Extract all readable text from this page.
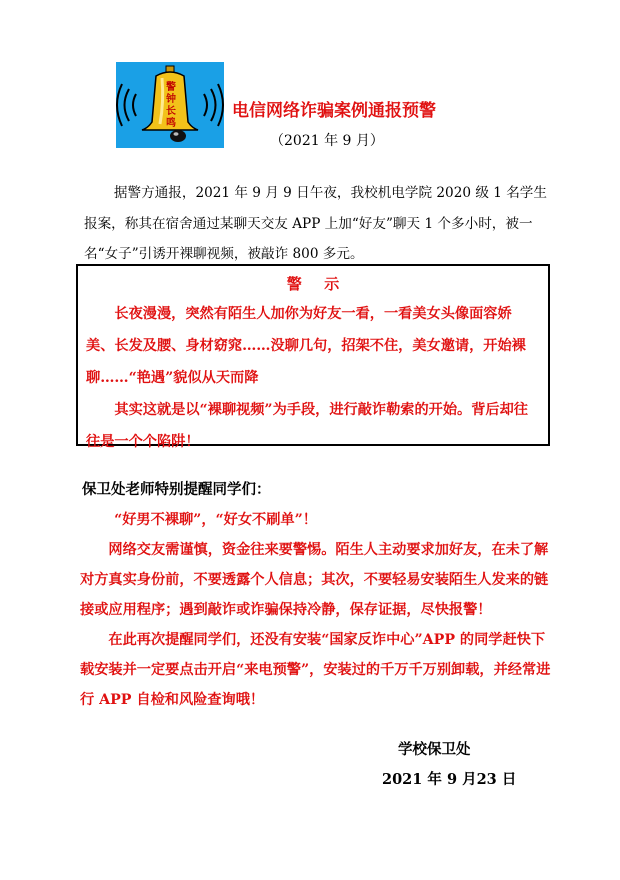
警钟长鸣
电信网络诈骗案例通报预警
（2021 年 9 月）
据警方通报，2021 年 9 月 9 日午夜，我校机电学院 2020 级 1 名学生报案，称其在宿舍通过某聊天交友 APP 上加“好友”聊天 1 个多小时，被一名“女子”引诱开裸聊视频，被敲诈 800 多元。
警示

长夜漫漫，突然有陌生人加你为好友一看，一看美女头像面容娇美、长发及腰、身材窈窕……没聊几句，招架不住，美女邀请，开始裸聊……“艳遇”貌似从天而降

其实这就是以“裸聊视频”为手段，进行敲诈勒索的开始。背后却往往是一个个陷阱！

保卫处老师特别提醒同学们：

“好男不裸聊”，“好女不刷单”！

网络交友需谨慎，资金往来要警惕。陌生人主动要求加好友，在未了解对方真实身份前，不要透露个人信息；其次，不要轻易安装陌生人发来的链接或应用程序；遇到敲诈或诈骗保持冷静，保存证据，尽快报警！

在此再次提醒同学们，还没有安装“国家反诈中心”APP 的同学赶快下载安装并一定要点击开启“来电预警”，安装过的千万千万别卸载，并经常进行 APP 自检和风险查询哦！

学校保卫处
2021 年 9 月23 日
